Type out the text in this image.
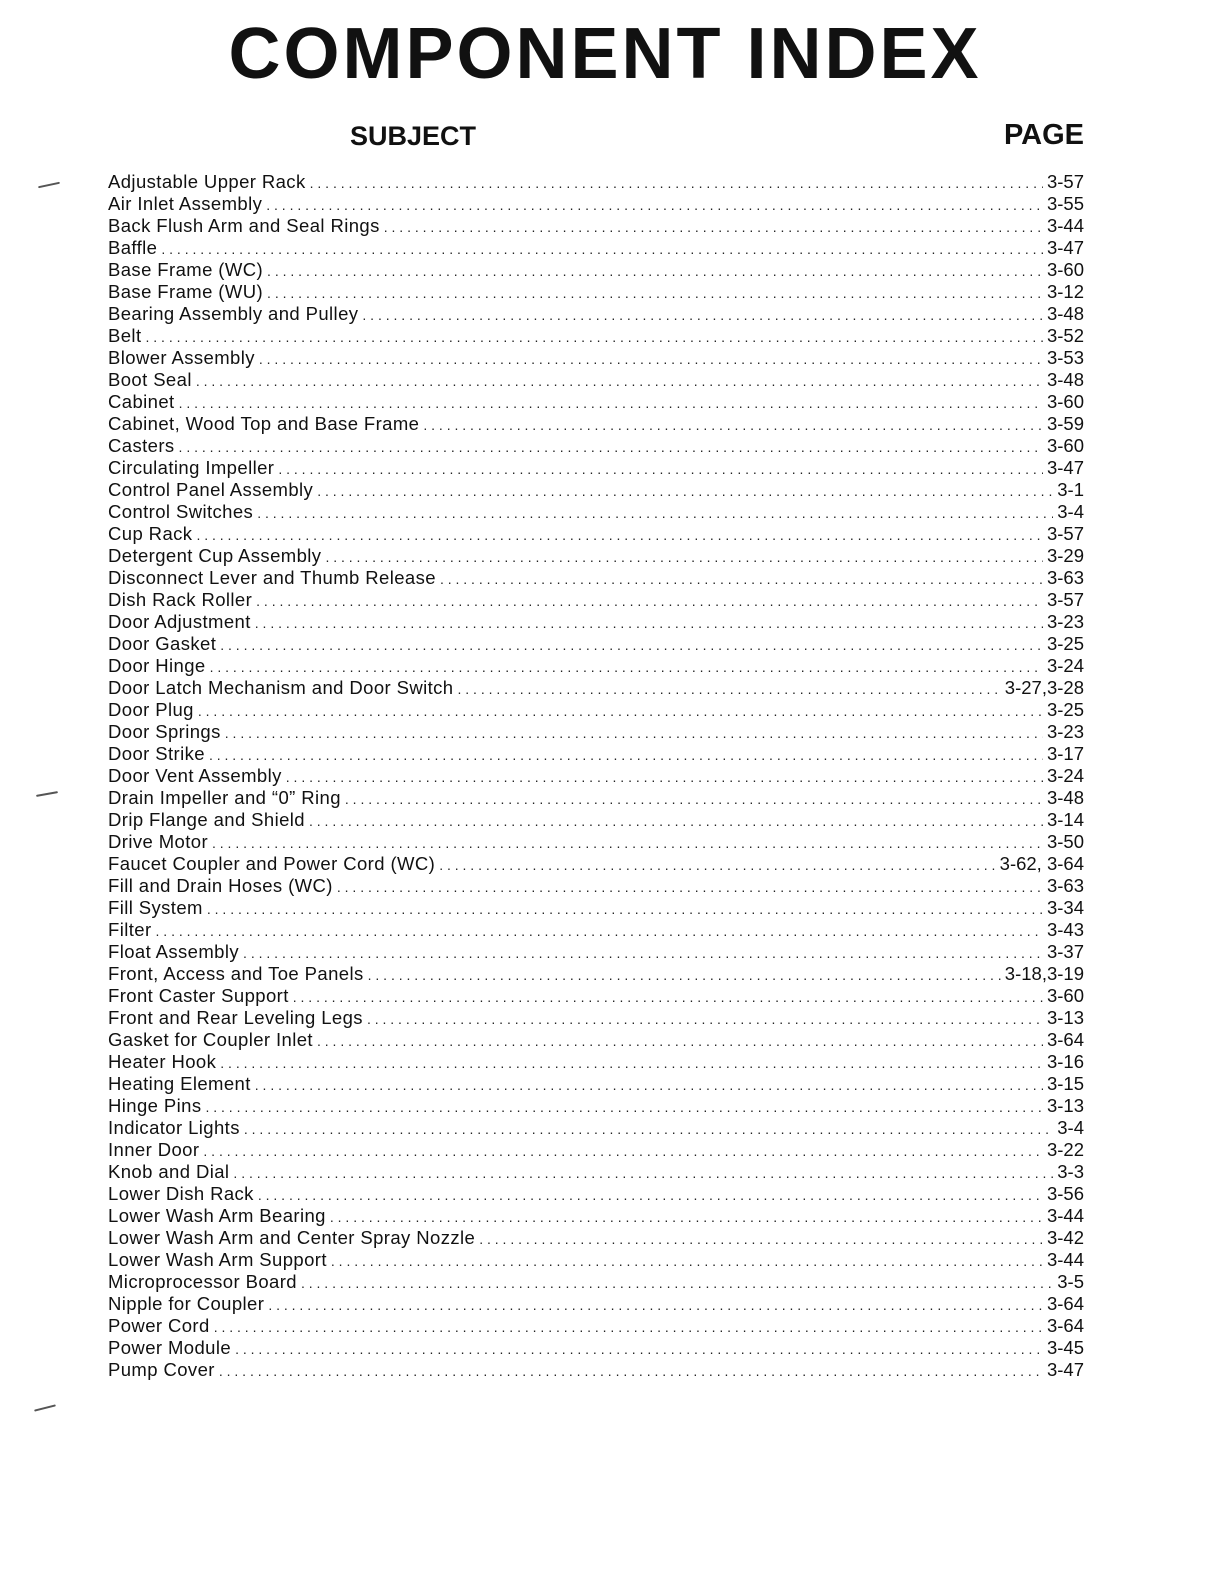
COMPONENT INDEX
SUBJECT	PAGE
Adjustable Upper Rack . . .	3-57
Air Inlet Assembly . . .	3-55
Back Flush Arm and Seal Rings . . .	3-44
Baffle . . .	3-47
Base Frame (WC) . . .	3-60
Base Frame (WU) . . .	3-12
Bearing Assembly and Pulley . . .	3-48
Belt . . .	3-52
Blower Assembly . . .	3-53
Boot Seal . . .	3-48
Cabinet . . .	3-60
Cabinet, Wood Top and Base Frame . . .	3-59
Casters . . .	3-60
Circulating Impeller . . .	3-47
Control Panel Assembly . . .	3-1
Control Switches . . .	3-4
Cup Rack . . .	3-57
Detergent Cup Assembly . . .	3-29
Disconnect Lever and Thumb Release . . .	3-63
Dish Rack Roller . . .	3-57
Door Adjustment . . .	3-23
Door Gasket . . .	3-25
Door Hinge . . .	3-24
Door Latch Mechanism and Door Switch . . .	3-27,3-28
Door Plug . . .	3-25
Door Springs . . .	3-23
Door Strike . . .	3-17
Door Vent Assembly . . .	3-24
Drain Impeller and “0” Ring . . .	3-48
Drip Flange and Shield . . .	3-14
Drive Motor . . .	3-50
Faucet Coupler and Power Cord (WC) . . .	3-62, 3-64
Fill and Drain Hoses (WC) . . .	3-63
Fill System . . .	3-34
Filter . . .	3-43
Float Assembly . . .	3-37
Front, Access and Toe Panels . . .	3-18,3-19
Front Caster Support . . .	3-60
Front and Rear Leveling Legs . . .	3-13
Gasket for Coupler Inlet . . .	3-64
Heater Hook . . .	3-16
Heating Element . . .	3-15
Hinge Pins . . .	3-13
Indicator Lights . . .	3-4
Inner Door . . .	3-22
Knob and Dial . . .	3-3
Lower Dish Rack . . .	3-56
Lower Wash Arm Bearing . . .	3-44
Lower Wash Arm and Center Spray Nozzle . . .	3-42
Lower Wash Arm Support . . .	3-44
Microprocessor Board . . .	3-5
Nipple for Coupler . . .	3-64
Power Cord . . .	3-64
Power Module . . .	3-45
Pump Cover . . .	3-47
